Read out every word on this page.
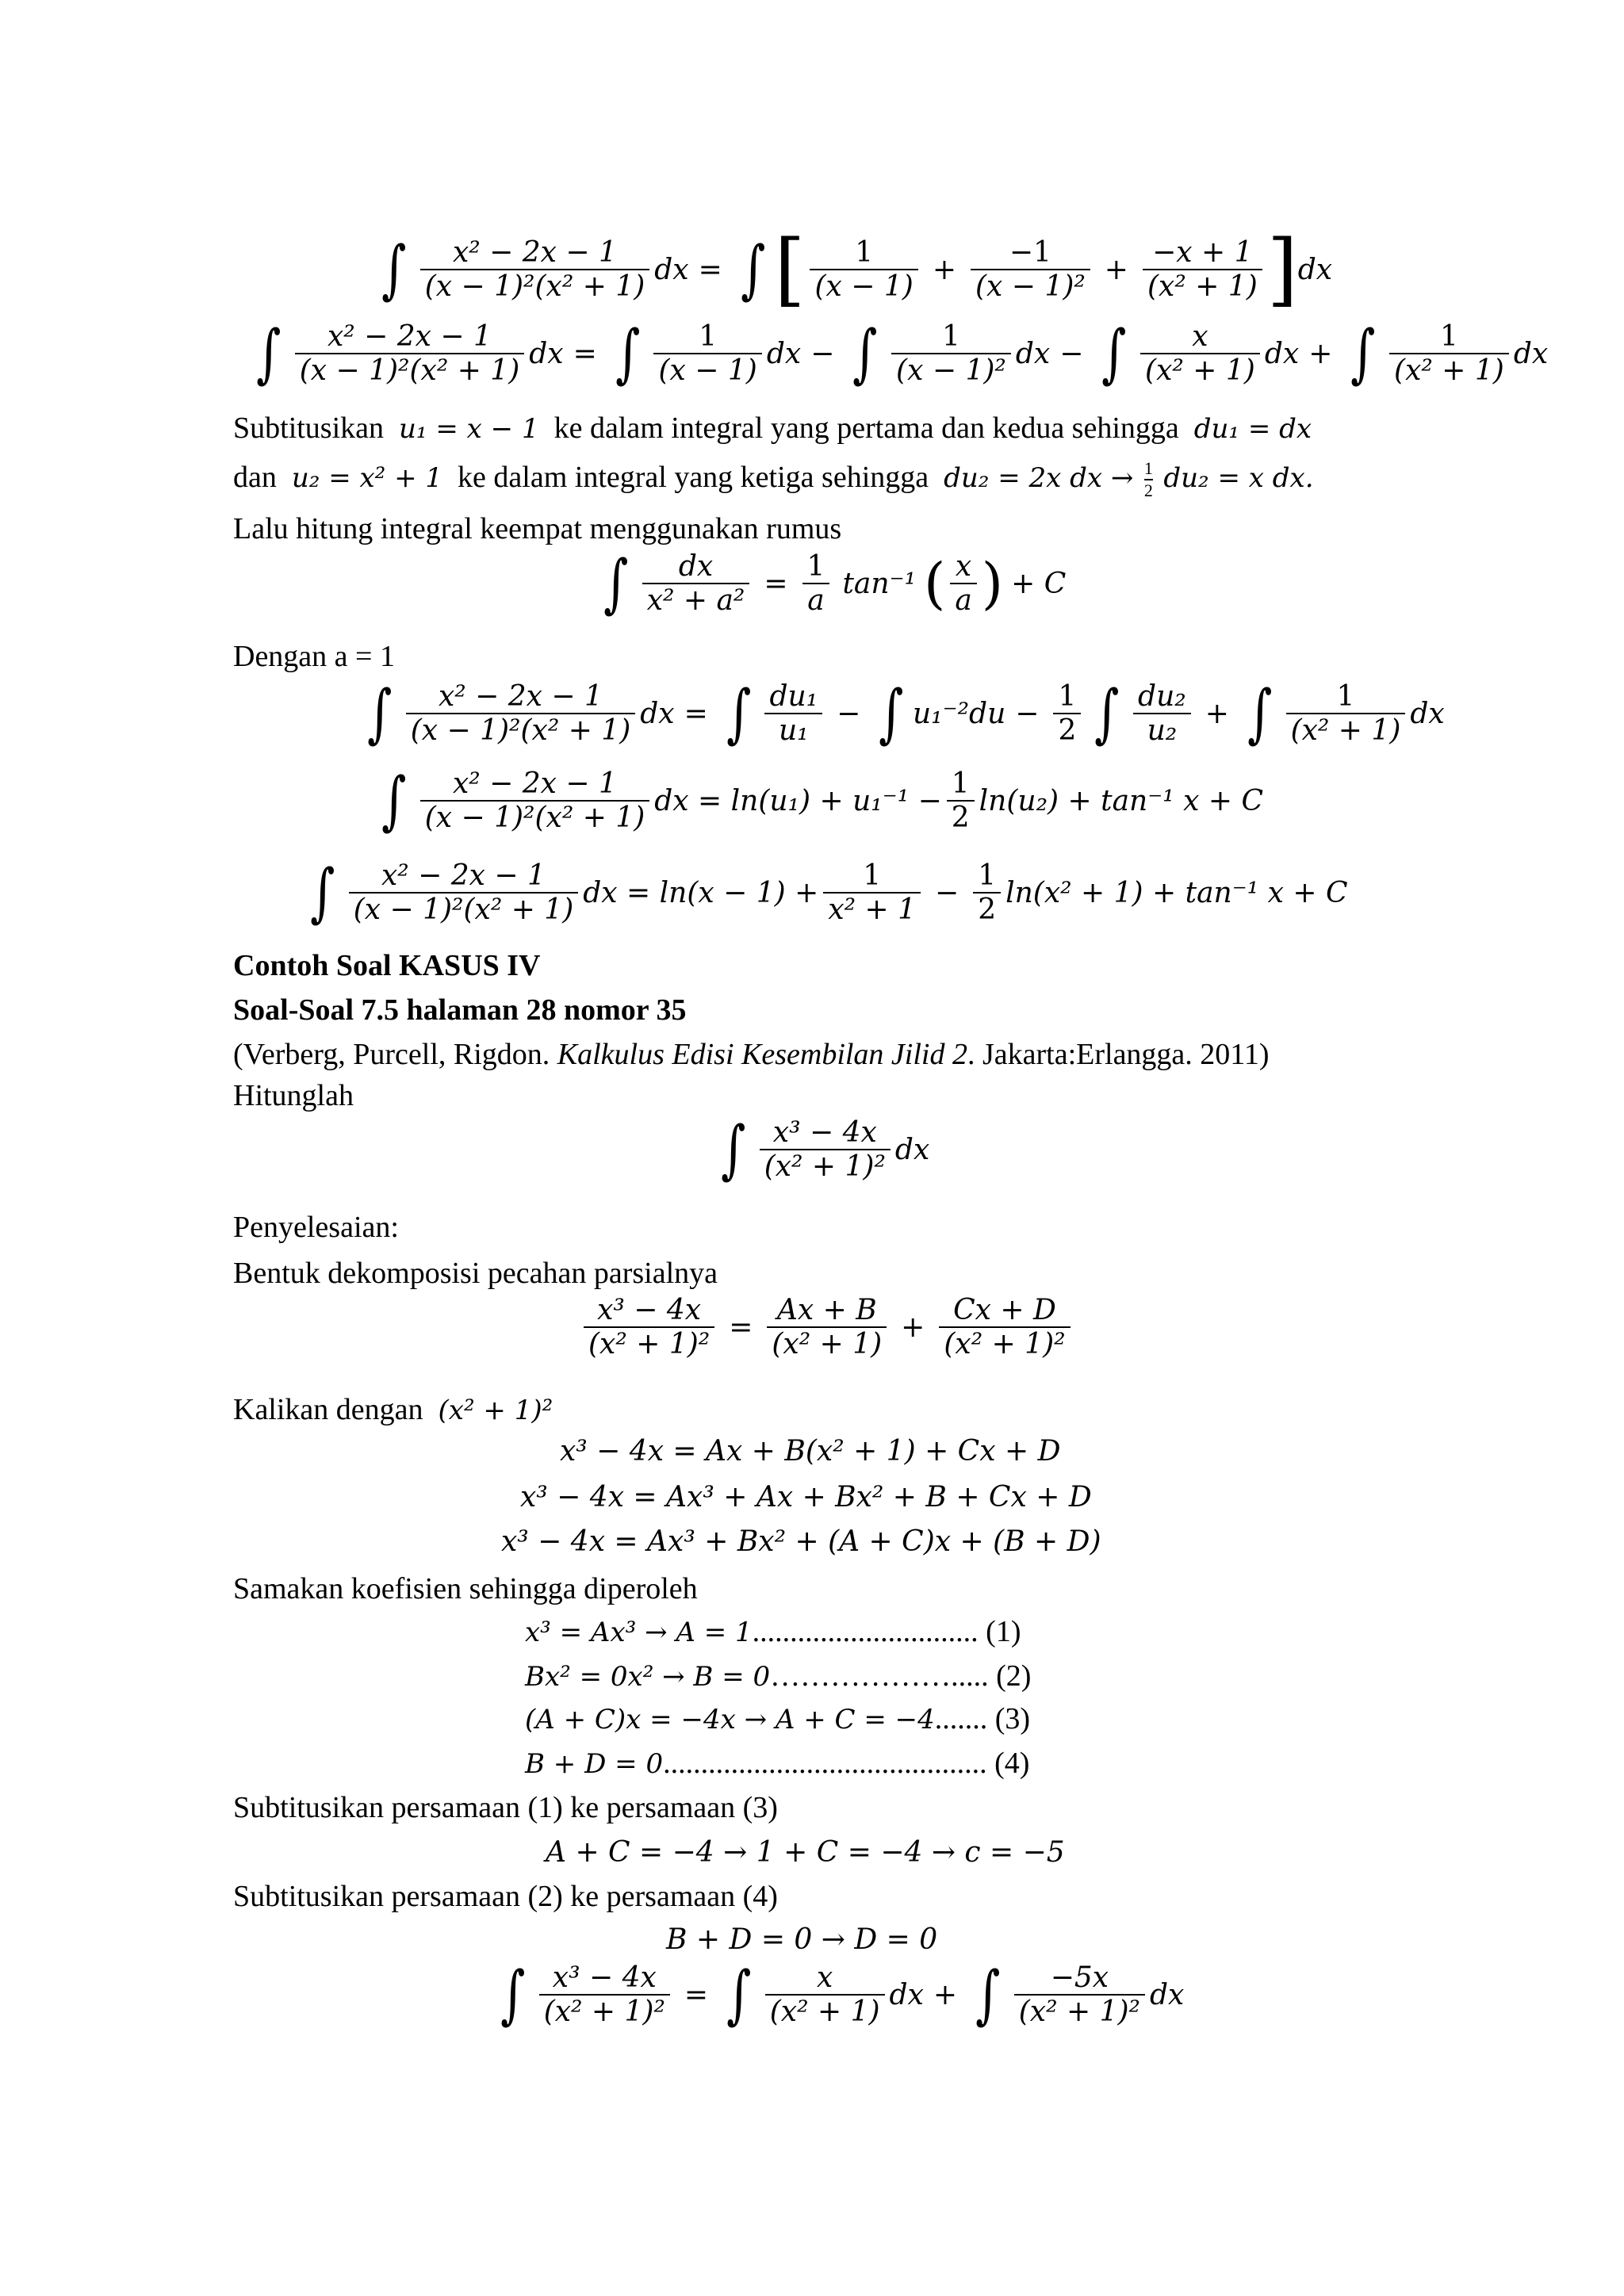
∫ $\frac{\text{x² − 2x − 1}}{\text{(x − 1)²(x² + 1)}}$ dx = ∫ [ $\frac{1}{(x - 1)} + \frac{-1}{\text{(x − 1)²}} + \frac{-x + 1}{\text{(x² + 1)}}$ ] dx
∫ $\frac{\text{x² − 2x − 1}}{\text{(x − 1)²(x² + 1)}}$ dx = ∫ $\frac{1}{(x - 1)}$ dx − ∫ $\frac{1}{\text{(x − 1)²}}$ dx − ∫ $\frac{x}{\text{(x² + 1)}}$ dx + ∫ $\frac{1}{\text{(x² + 1)}}$ dx
Subtitusikan u₁ = x − 1 ke dalam integral yang pertama dan kedua sehingga du₁ = dx
dan u₂ = x² + 1 ke dalam integral yang ketiga sehingga du₂ = 2x dx → $\frac{1}{2} du_2 = x$ dx.
Lalu hitung integral keempat menggunakan rumus
∫ $\frac{dx}{\text{x² + a²}} = \frac{1}{a} \tan^{-1}$ ( $\frac{x}{a}$ ) + C
Dengan a = 1
∫ $\frac{\text{x² − 2x − 1}}{\text{(x − 1)²(x² + 1)}}$ dx = ∫ $\frac{\text{du₁}}{\text{u₁}}$ − ∫ $u_1^{-2}du - \frac{1}{2}$ ∫ $\frac{\text{du₂}}{\text{u₂}}$ + ∫ $\frac{1}{\text{(x² + 1)}}$ dx
∫ $\frac{\text{x² − 2x − 1}}{\text{(x − 1)²(x² + 1)}}$ dx = $\ln(u_1) + u_1^{-1} - \frac{1}{2} \ln(u_2) + \tan^{-1}$ x + C
∫ $\frac{\text{x² − 2x − 1}}{\text{(x − 1)²(x² + 1)}}$ dx = $\ln(x - 1) + \frac{1}{\text{x² + 1}} - \frac{1}{2} \ln(x^2 + 1) + \tan^{-1}$ x + C
Contoh Soal KASUS IV
Soal-Soal 7.5 halaman 28 nomor 35
(Verberg, Purcell, Rigdon. Kalkulus Edisi Kesembilan Jilid 2. Jakarta:Erlangga. 2011)
Hitunglah
∫ $\frac{\text{x³ − 4x}}{\text{(x² + 1)²}}$ dx
Penyelesaian:
Bentuk dekomposisi pecahan parsialnya
$\frac{\text{x³ − 4x}}{\text{(x² + 1)²}} = \frac{Ax + B}{\text{(x² + 1)}} + \frac{Cx + D}{\text{(x² + 1)²}}$
Kalikan dengan (x² + 1)²
x³ − 4x = Ax + B(x² + 1) + Cx + D
x³ − 4x = Ax³ + Ax + Bx² + B + Cx + D
x³ − 4x = Ax³ + Bx² + (A + C)x + (B + D)
Samakan koefisien sehingga diperoleh
x³ = Ax³ → A = 1.............................. (1)
Bx² = 0x² → B = 0………………..... (2)
(A + C)x = −4x → A + C = −4....... (3)
B + D = 0........................................... (4)
Subtitusikan persamaan (1) ke persamaan (3)
A + C = −4 → 1 + C = −4 → c = −5
Subtitusikan persamaan (2) ke persamaan (4)
B + D = 0 → D = 0
∫ $\frac{\text{x³ − 4x}}{\text{(x² + 1)²}}$ = ∫ $\frac{x}{\text{(x² + 1)}}$ dx + ∫ $\frac{-5x}{\text{(x² + 1)²}}$ dx
